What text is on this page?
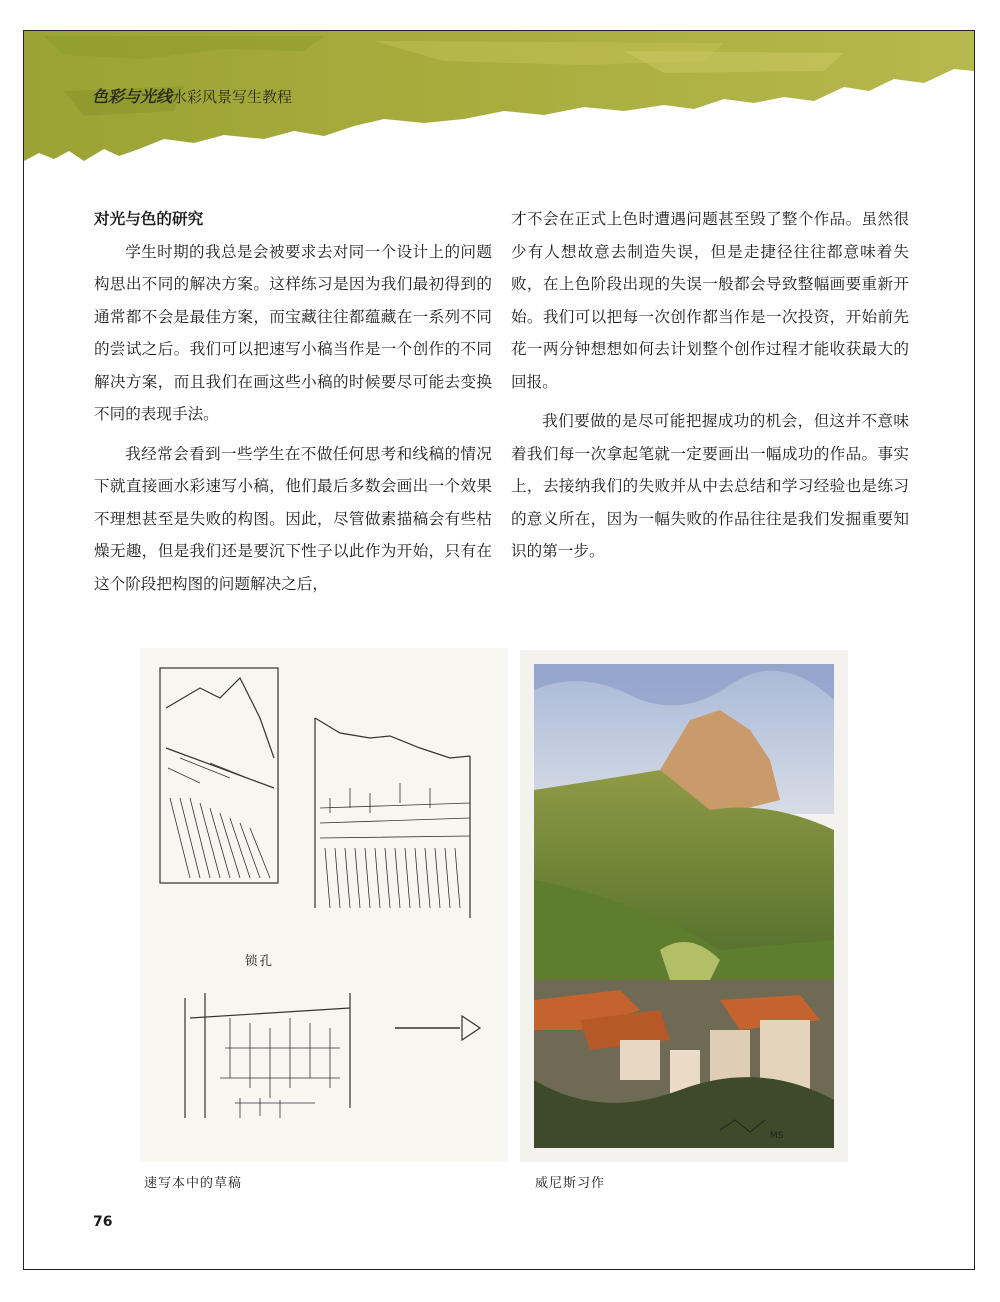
色彩与光线水彩风景写生教程

对光与色的研究

学生时期的我总是会被要求去对同一个设计上的问题构思出不同的解决方案。这样练习是因为我们最初得到的通常都不会是最佳方案，而宝藏往往都蕴藏在一系列不同的尝试之后。我们可以把速写小稿当作是一个创作的不同解决方案，而且我们在画这些小稿的时候要尽可能去变换不同的表现手法。

我经常会看到一些学生在不做任何思考和线稿的情况下就直接画水彩速写小稿，他们最后多数会画出一个效果不理想甚至是失败的构图。因此，尽管做素描稿会有些枯燥无趣，但是我们还是要沉下性子以此作为开始，只有在这个阶段把构图的问题解决之后，

才不会在正式上色时遭遇问题甚至毁了整个作品。虽然很少有人想故意去制造失误，但是走捷径往往都意味着失败，在上色阶段出现的失误一般都会导致整幅画要重新开始。我们可以把每一次创作都当作是一次投资，开始前先花一两分钟想想如何去计划整个创作过程才能收获最大的回报。

我们要做的是尽可能把握成功的机会，但这并不意味着我们每一次拿起笔就一定要画出一幅成功的作品。事实上，去接纳我们的失败并从中去总结和学习经验也是练习的意义所在，因为一幅失败的作品往往是我们发掘重要知识的第一步。

锁孔
MS
速写本中的草稿	威尼斯习作
76
